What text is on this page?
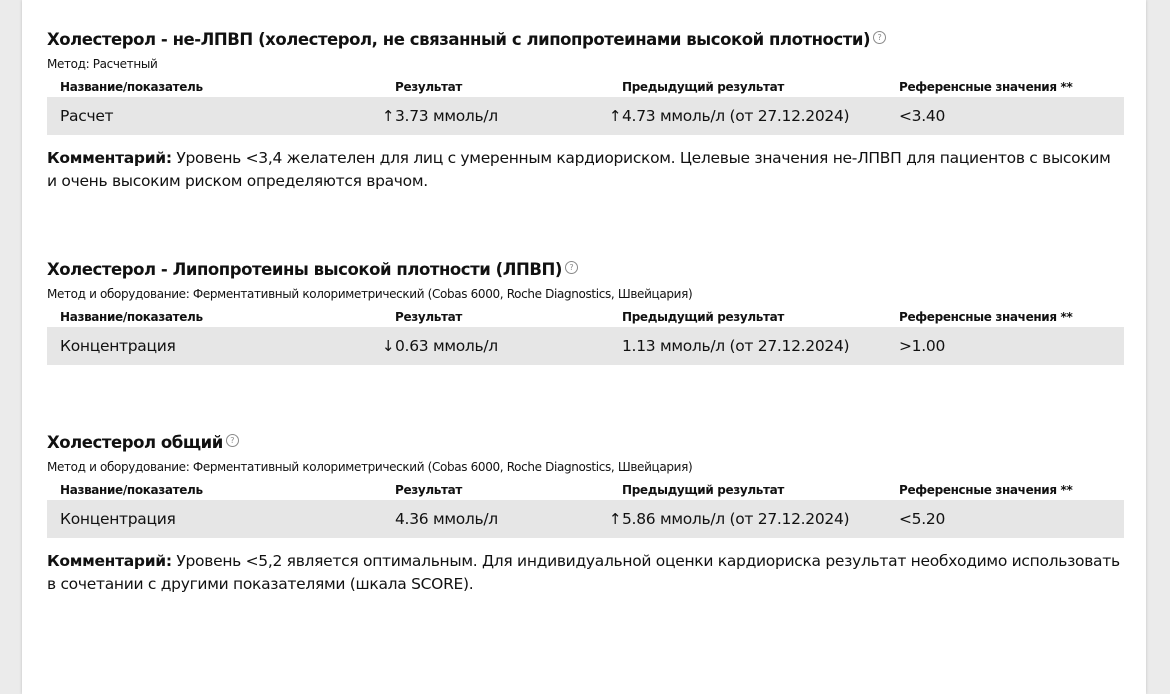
Холестерол - не-ЛПВП (холестерол, не связанный с липопротеинами высокой плотности) ?
Метод: Расчетный
Название/показатель	Результат	Предыдущий результат	Референсные значения **
Расчет	↑ 3.73 ммоль/л	↑ 4.73 ммоль/л (от 27.12.2024)	<3.40
Комментарий: Уровень <3,4 желателен для лиц с умеренным кардиориском. Целевые значения не-ЛПВП для пациентов с высоким и очень высоким риском определяются врачом.
Холестерол - Липопротеины высокой плотности (ЛПВП) ?
Метод и оборудование: Ферментативный колориметрический (Cobas 6000, Roche Diagnostics, Швейцария)
Название/показатель	Результат	Предыдущий результат	Референсные значения **
Концентрация	↓ 0.63 ммоль/л	1.13 ммоль/л (от 27.12.2024)	>1.00
Холестерол общий ?
Метод и оборудование: Ферментативный колориметрический (Cobas 6000, Roche Diagnostics, Швейцария)
Название/показатель	Результат	Предыдущий результат	Референсные значения **
Концентрация	4.36 ммоль/л	↑ 5.86 ммоль/л (от 27.12.2024)	<5.20
Комментарий: Уровень <5,2 является оптимальным. Для индивидуальной оценки кардиориска результат необходимо использовать в сочетании с другими показателями (шкала SCORE).
